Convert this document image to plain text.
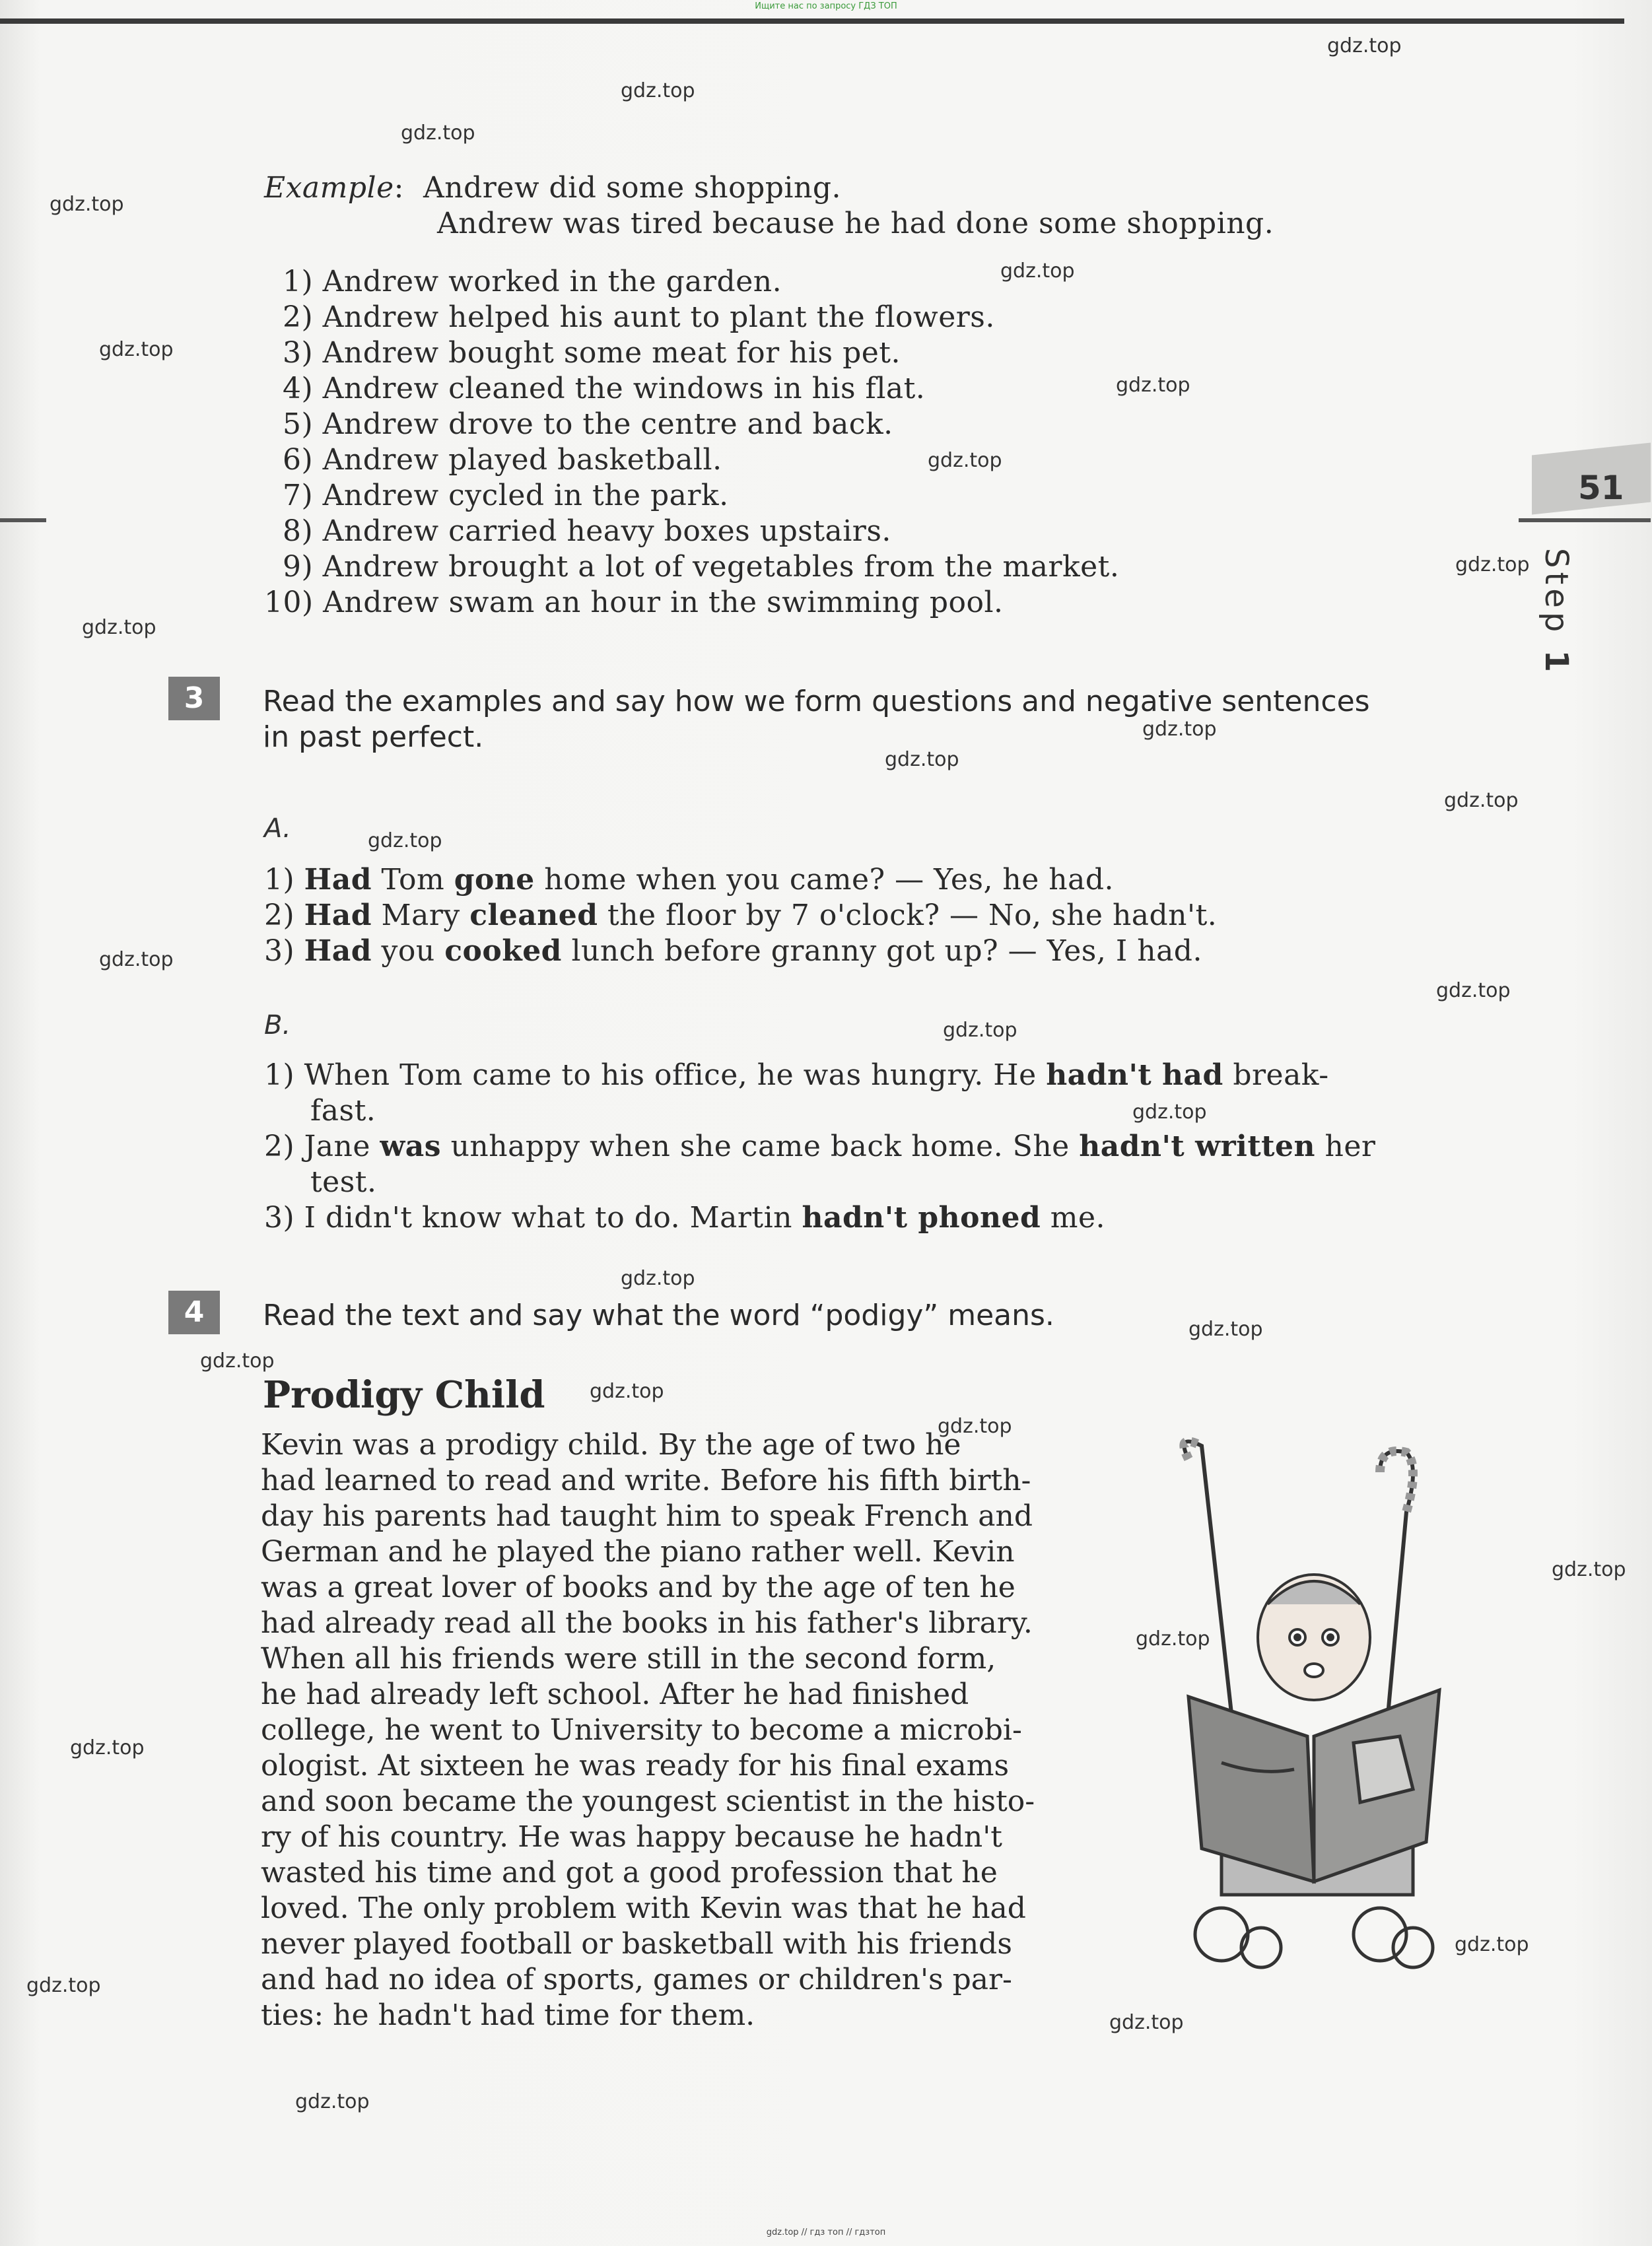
Ищите нас по запросу ГДЗ ТОП
51
Step 1
Example:  Andrew did some shopping.
Andrew was tired because he had done some shopping.
1) Andrew worked in the garden.
2) Andrew helped his aunt to plant the flowers.
3) Andrew bought some meat for his pet.
4) Andrew cleaned the windows in his flat.
5) Andrew drove to the centre and back.
6) Andrew played basketball.
7) Andrew cycled in the park.
8) Andrew carried heavy boxes upstairs.
9) Andrew brought a lot of vegetables from the market.
10) Andrew swam an hour in the swimming pool.
3	Read the examples and say how we form questions and negative sentences
in past perfect.
A.
1) Had Tom gone home when you came? — Yes, he had.
2) Had Mary cleaned the floor by 7 o'clock? — No, she hadn't.
3) Had you cooked lunch before granny got up? — Yes, I had.
B.
1) When Tom came to his office, he was hungry. He hadn't had break-
fast.
2) Jane was unhappy when she came back home. She hadn't written her
test.
3) I didn't know what to do. Martin hadn't phoned me.
4	Read the text and say what the word “podigy” means.
Prodigy Child
Kevin was a prodigy child. By the age of two he
had learned to read and write. Before his fifth birth-
day his parents had taught him to speak French and
German and he played the piano rather well. Kevin
was a great lover of books and by the age of ten he
had already read all the books in his father's library.
When all his friends were still in the second form,
he had already left school. After he had finished
college, he went to University to become a microbi-
ologist. At sixteen he was ready for his final exams
and soon became the youngest scientist in the histo-
ry of his country. He was happy because he hadn't
wasted his time and got a good profession that he
loved. The only problem with Kevin was that he had
never played football or basketball with his friends
and had no idea of sports, games or children's par-
ties: he hadn't had time for them.
gdz.top
gdz.top
gdz.top
gdz.top
gdz.top
gdz.top
gdz.top
gdz.top
gdz.top
gdz.top
gdz.top
gdz.top
gdz.top
gdz.top
gdz.top
gdz.top
gdz.top
gdz.top
gdz.top
gdz.top
gdz.top
gdz.top
gdz.top
gdz.top
gdz.top
gdz.top
gdz.top
gdz.top
gdz.top
gdz.top
gdz.top // гдз топ // гдзтоп
